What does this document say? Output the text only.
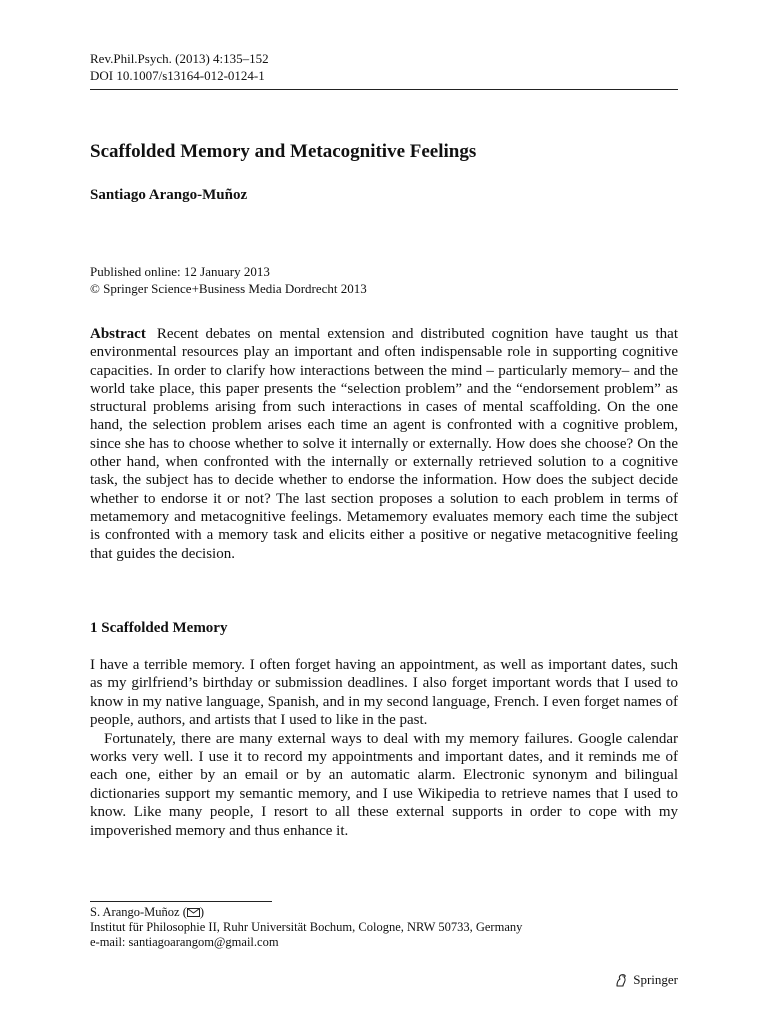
Rev.Phil.Psych. (2013) 4:135–152
DOI 10.1007/s13164-012-0124-1
Scaffolded Memory and Metacognitive Feelings
Santiago Arango-Muñoz
Published online: 12 January 2013
© Springer Science+Business Media Dordrecht 2013

Abstract Recent debates on mental extension and distributed cognition have taught us that environmental resources play an important and often indispensable role in supporting cognitive capacities. In order to clarify how interactions between the mind – particularly memory– and the world take place, this paper presents the “selection problem” and the “endorsement problem” as structural problems arising from such interactions in cases of mental scaffolding. On the one hand, the selection problem arises each time an agent is confronted with a cognitive problem, since she has to choose whether to solve it internally or externally. How does she choose? On the other hand, when confronted with the internally or externally retrieved solution to a cognitive task, the subject has to decide whether to endorse the information. How does the subject decide whether to endorse it or not? The last section proposes a solution to each problem in terms of metamemory and metacognitive feelings. Metamemory evaluates memory each time the subject is confronted with a memory task and elicits either a positive or negative metacognitive feeling that guides the decision.

1 Scaffolded Memory

I have a terrible memory. I often forget having an appointment, as well as important dates, such as my girlfriend’s birthday or submission deadlines. I also forget important words that I used to know in my native language, Spanish, and in my second language, French. I even forget names of people, authors, and artists that I used to like in the past.

Fortunately, there are many external ways to deal with my memory failures. Google calendar works very well. I use it to record my appointments and important dates, and it reminds me of each one, either by an email or by an automatic alarm. Electronic synonym and bilingual dictionaries support my semantic memory, and I use Wikipedia to retrieve names that I used to know. Like many people, I resort to all these external supports in order to cope with my impoverished memory and thus enhance it.

S. Arango-Muñoz ( )
Institut für Philosophie II, Ruhr Universität Bochum, Cologne, NRW 50733, Germany
e-mail: santiagoarangom@gmail.com
Springer
